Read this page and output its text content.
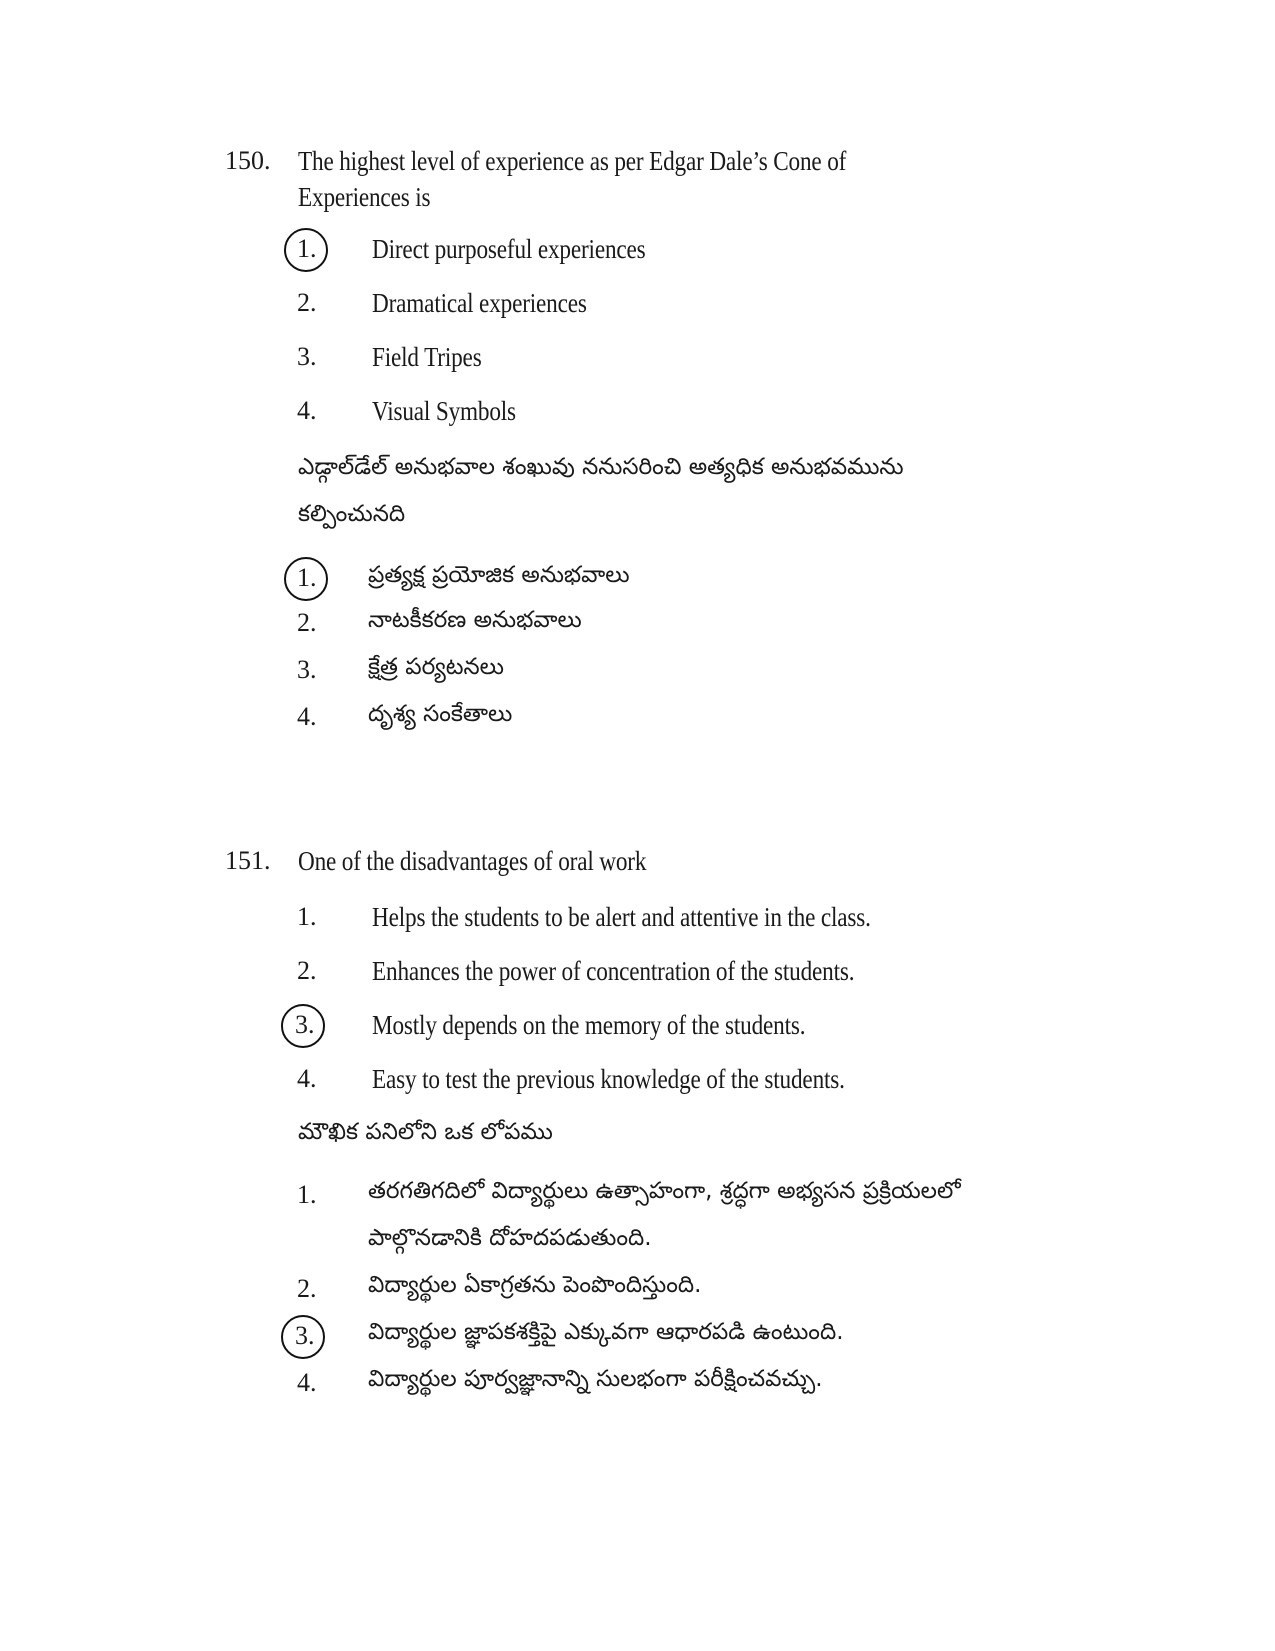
150. The highest level of experience as per Edgar Dale’s Cone of
Experiences is
1. Direct purposeful experiences
2. Dramatical experiences
3. Field Tripes
4. Visual Symbols
ఎడ్గాల్‌డేల్ అనుభవాల శంఖువు ననుసరించి అత్యధిక అనుభవమును
కల్పించునది
1. ప్రత్యక్ష ప్రయోజిక అనుభవాలు
2. నాటకీకరణ అనుభవాలు
3. క్షేత్ర పర్యటనలు
4. దృశ్య సంకేతాలు
151. One of the disadvantages of oral work
1. Helps the students to be alert and attentive in the class.
2. Enhances the power of concentration of the students.
3. Mostly depends on the memory of the students.
4. Easy to test the previous knowledge of the students.
మౌఖిక పనిలోని ఒక లోపము
1. తరగతిగదిలో విద్యార్థులు ఉత్సాహంగా, శ్రద్ధగా అభ్యసన ప్రక్రియలలో
పాల్గొనడానికి దోహదపడుతుంది.
2. విద్యార్థుల ఏకాగ్రతను పెంపొందిస్తుంది.
3. విద్యార్థుల జ్ఞాపకశక్తిపై ఎక్కువగా ఆధారపడి ఉంటుంది.
4. విద్యార్థుల పూర్వజ్ఞానాన్ని సులభంగా పరీక్షించవచ్చు.
